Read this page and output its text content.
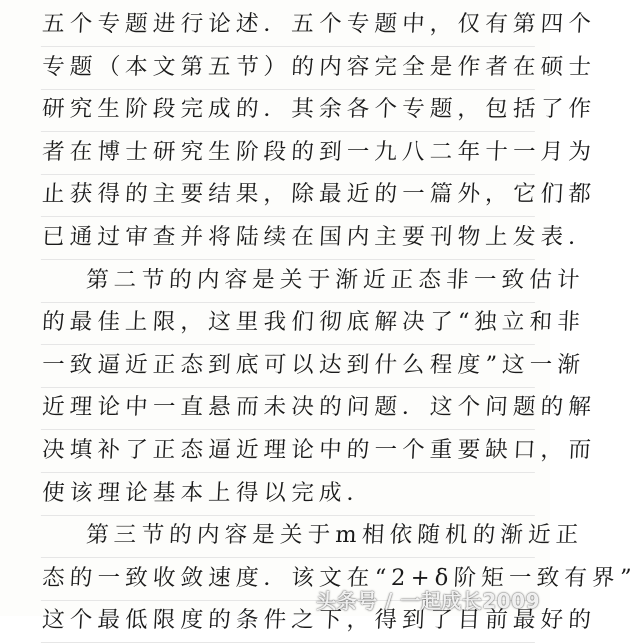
五个专题进行论述．五个专题中，仅有第四个
专题（本文第五节）的内容完全是作者在硕士
研究生阶段完成的．其余各个专题，包括了作
者在博士研究生阶段的到一九八二年十一月为
止获得的主要结果，除最近的一篇外，它们都
已通过审查并将陆续在国内主要刊物上发表．
第二节的内容是关于渐近正态非一致估计
的最佳上限，这里我们彻底解决了“独立和非
一致逼近正态到底可以达到什么程度”这一渐
近理论中一直悬而未决的问题．这个问题的解
决填补了正态逼近理论中的一个重要缺口，而
使该理论基本上得以完成．
第三节的内容是关于m相依随机的渐近正
态的一致收敛速度．该文在“2+δ阶矩一致有界”
这个最低限度的条件之下，得到了目前最好的
头条号 / 一起成长2009
